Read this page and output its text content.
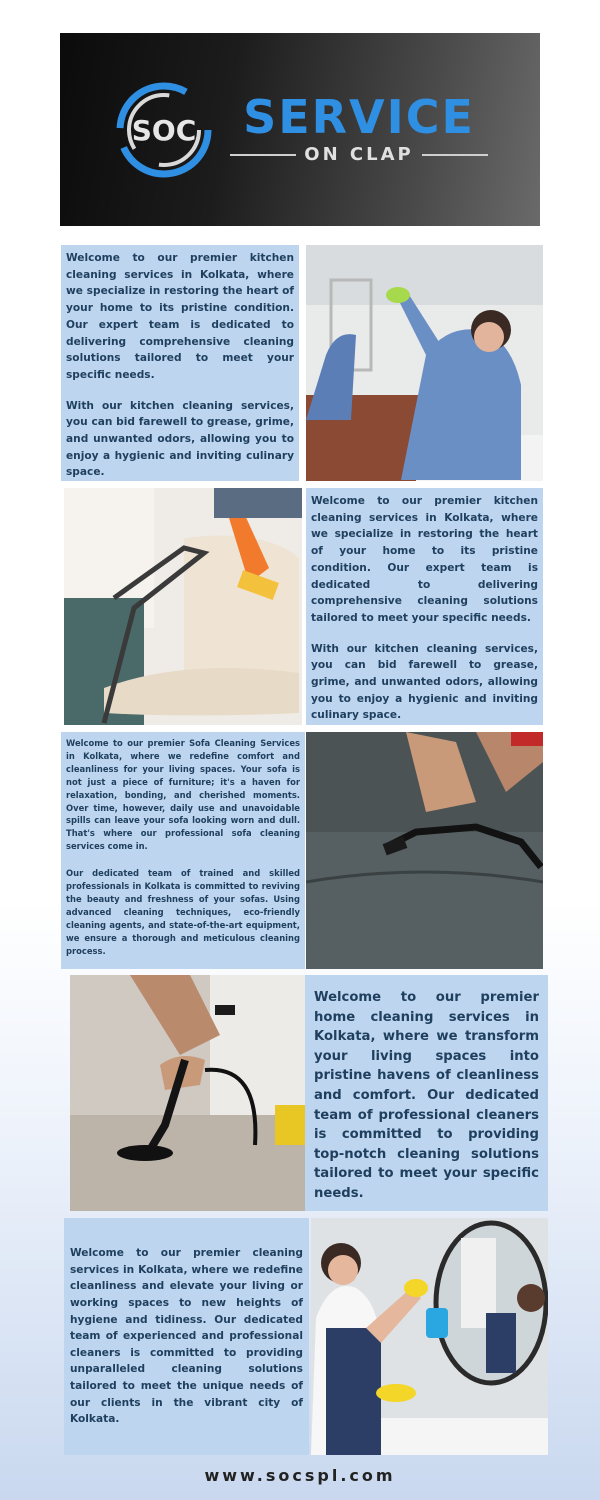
SOC SERVICE
ON CLAP

Welcome to our premier kitchen cleaning services in Kolkata, where we specialize in restoring the heart of your home to its pristine condition. Our expert team is dedicated to delivering comprehensive cleaning solutions tailored to meet your specific needs.

With our kitchen cleaning services, you can bid farewell to grease, grime, and unwanted odors, allowing you to enjoy a hygienic and inviting culinary space.

Welcome to our premier kitchen cleaning services in Kolkata, where we specialize in restoring the heart of your home to its pristine condition. Our expert team is dedicated to delivering comprehensive cleaning solutions tailored to meet your specific needs.

With our kitchen cleaning services, you can bid farewell to grease, grime, and unwanted odors, allowing you to enjoy a hygienic and inviting culinary space.

Welcome to our premier Sofa Cleaning Services in Kolkata, where we redefine comfort and cleanliness for your living spaces. Your sofa is not just a piece of furniture; it's a haven for relaxation, bonding, and cherished moments. Over time, however, daily use and unavoidable spills can leave your sofa looking worn and dull. That's where our professional sofa cleaning services come in.

Our dedicated team of trained and skilled professionals in Kolkata is committed to reviving the beauty and freshness of your sofas. Using advanced cleaning techniques, eco-friendly cleaning agents, and state-of-the-art equipment, we ensure a thorough and meticulous cleaning process.

Welcome to our premier home cleaning services in Kolkata, where we transform your living spaces into pristine havens of cleanliness and comfort. Our dedicated team of professional cleaners is committed to providing top-notch cleaning solutions tailored to meet your specific needs.

Welcome to our premier cleaning services in Kolkata, where we redefine cleanliness and elevate your living or working spaces to new heights of hygiene and tidiness. Our dedicated team of experienced and professional cleaners is committed to providing unparalleled cleaning solutions tailored to meet the unique needs of our clients in the vibrant city of Kolkata.

www.socspl.com
